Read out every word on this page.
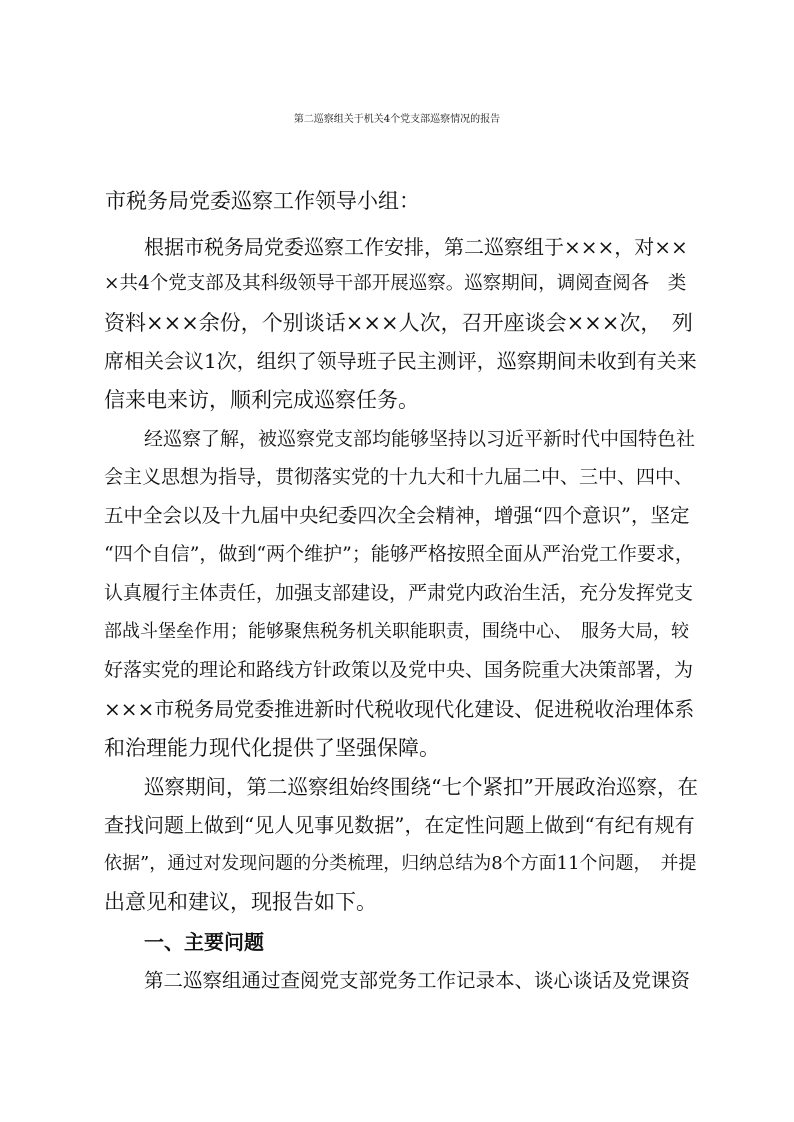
第二巡察组关于机关4个党支部巡察情况的报告
市税务局党委巡察工作领导小组：
根据市税务局党委巡察工作安排，第二巡察组于×××，对××
×共4个党支部及其科级领导干部开展巡察。巡察期间，调阅查阅各　类
资料×××余份，个别谈话×××人次，召开座谈会×××次，　列
席相关会议1次，组织了领导班子民主测评，巡察期间未收到有关来
信来电来访，顺利完成巡察任务。
经巡察了解，被巡察党支部均能够坚持以习近平新时代中国特色社
会主义思想为指导，贯彻落实党的十九大和十九届二中、三中、四中、
五中全会以及十九届中央纪委四次全会精神，增强“四个意识”，坚定
“四个自信”，做到“两个维护”；能够严格按照全面从严治党工作要求，
认真履行主体责任，加强支部建设，严肃党内政治生活，充分发挥党支
部战斗堡垒作用；能够聚焦税务机关职能职责，围绕中心、　服务大局，较
好落实党的理论和路线方针政策以及党中央、国务院重大决策部署，为
×××市税务局党委推进新时代税收现代化建设、促进税收治理体系
和治理能力现代化提供了坚强保障。
巡察期间，第二巡察组始终围绕“七个紧扣”开展政治巡察，在
查找问题上做到“见人见事见数据”，在定性问题上做到“有纪有规有
依据”，通过对发现问题的分类梳理，归纳总结为8个方面11个问题，　并提
出意见和建议，现报告如下。
一、主要问题
第二巡察组通过查阅党支部党务工作记录本、谈心谈话及党课资
